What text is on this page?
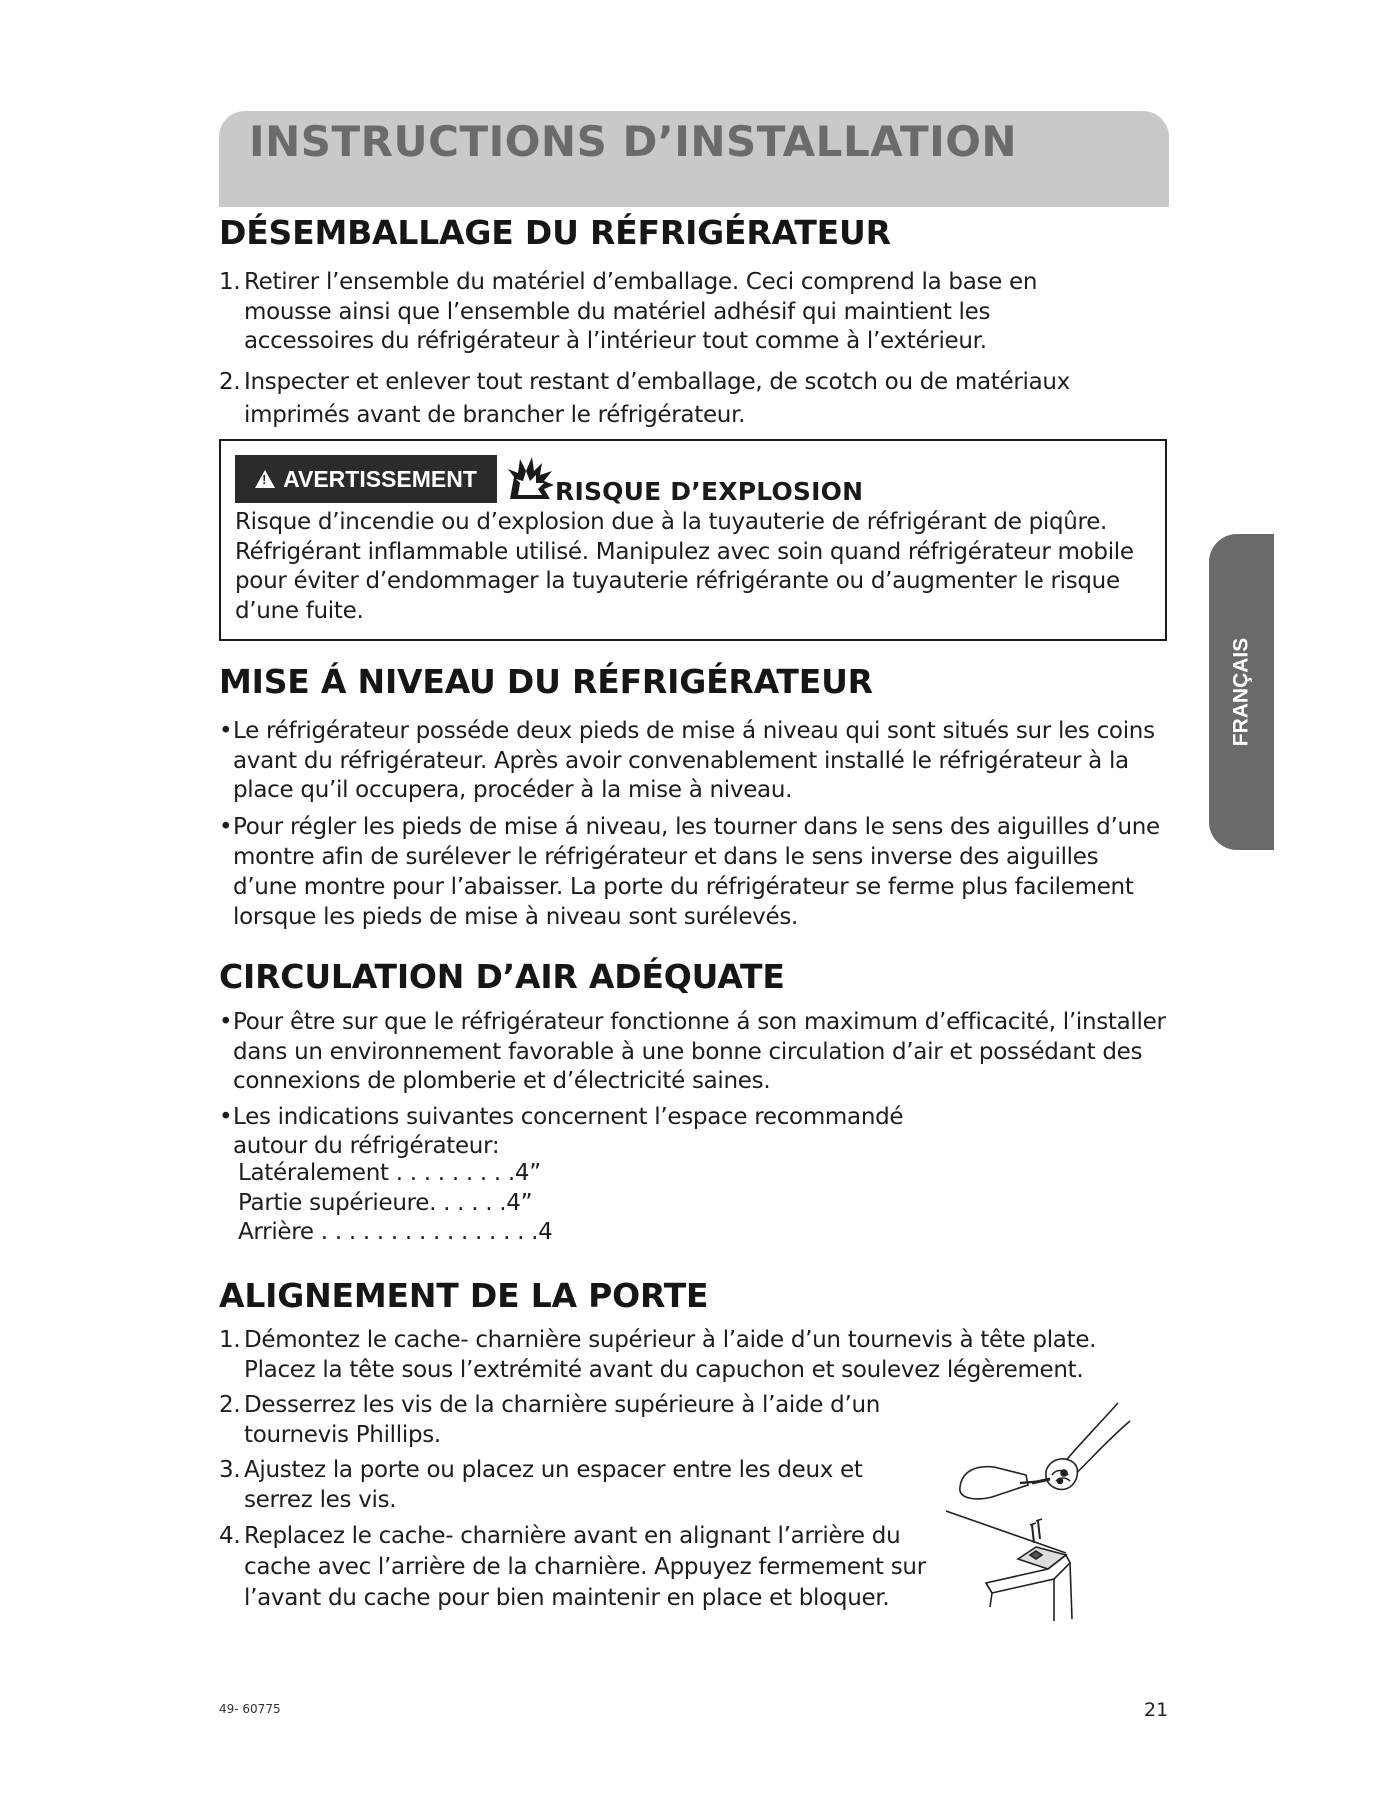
INSTRUCTIONS D’INSTALLATION
FRANÇAIS
DÉSEMBALLAGE DU RÉFRIGÉRATEUR
1. Retirer l’ensemble du matériel d’emballage. Ceci comprend la base en mousse ainsi que l’ensemble du matériel adhésif qui maintient les accessoires du réfrigérateur à l’intérieur tout comme à l’extérieur.
2. Inspecter et enlever tout restant d’emballage, de scotch ou de matériaux imprimés avant de brancher le réfrigérateur.
!
AVERTISSEMENT	RISQUE D’EXPLOSION
Risque d’incendie ou d’explosion due à la tuyauterie de réfrigérant de piqûre. Réfrigérant inflammable utilisé. Manipulez avec soin quand réfrigérateur mobile pour éviter d’endommager la tuyauterie réfrigérante ou d’augmenter le risque d’une fuite.
MISE Á NIVEAU DU RÉFRIGÉRATEUR
• Le réfrigérateur posséde deux pieds de mise á niveau qui sont situés sur les coins avant du réfrigérateur. Après avoir convenablement installé le réfrigérateur à la place qu’il occupera, procéder à la mise à niveau.
• Pour régler les pieds de mise á niveau, les tourner dans le sens des aiguilles d’une montre afin de surélever le réfrigérateur et dans le sens inverse des aiguilles d’une montre pour l’abaisser. La porte du réfrigérateur se ferme plus facilement lorsque les pieds de mise à niveau sont surélevés.
CIRCULATION D’AIR ADÉQUATE
• Pour être sur que le réfrigérateur fonctionne á son maximum d’efficacité, l’installer dans un environnement favorable à une bonne circulation d’air et possédant des connexions de plomberie et d’électricité saines.
• Les indications suivantes concernent l’espace recommandé autour du réfrigérateur:
Latéralement . . . . . . . . .4”
Partie supérieure. . . . . .4”
Arrière . . . . . . . . . . . . . . . .4
ALIGNEMENT DE LA PORTE
1. Démontez le cache- charnière supérieur à l’aide d’un tournevis à tête plate. Placez la tête sous l’extrémité avant du capuchon et soulevez légèrement.
2. Desserrez les vis de la charnière supérieure à l’aide d’un tournevis Phillips.
3. Ajustez la porte ou placez un espacer entre les deux et serrez les vis.
4. Replacez le cache- charnière avant en alignant l’arrière du cache avec l’arrière de la charnière. Appuyez fermement sur l’avant du cache pour bien maintenir en place et bloquer.
49- 60775	21
